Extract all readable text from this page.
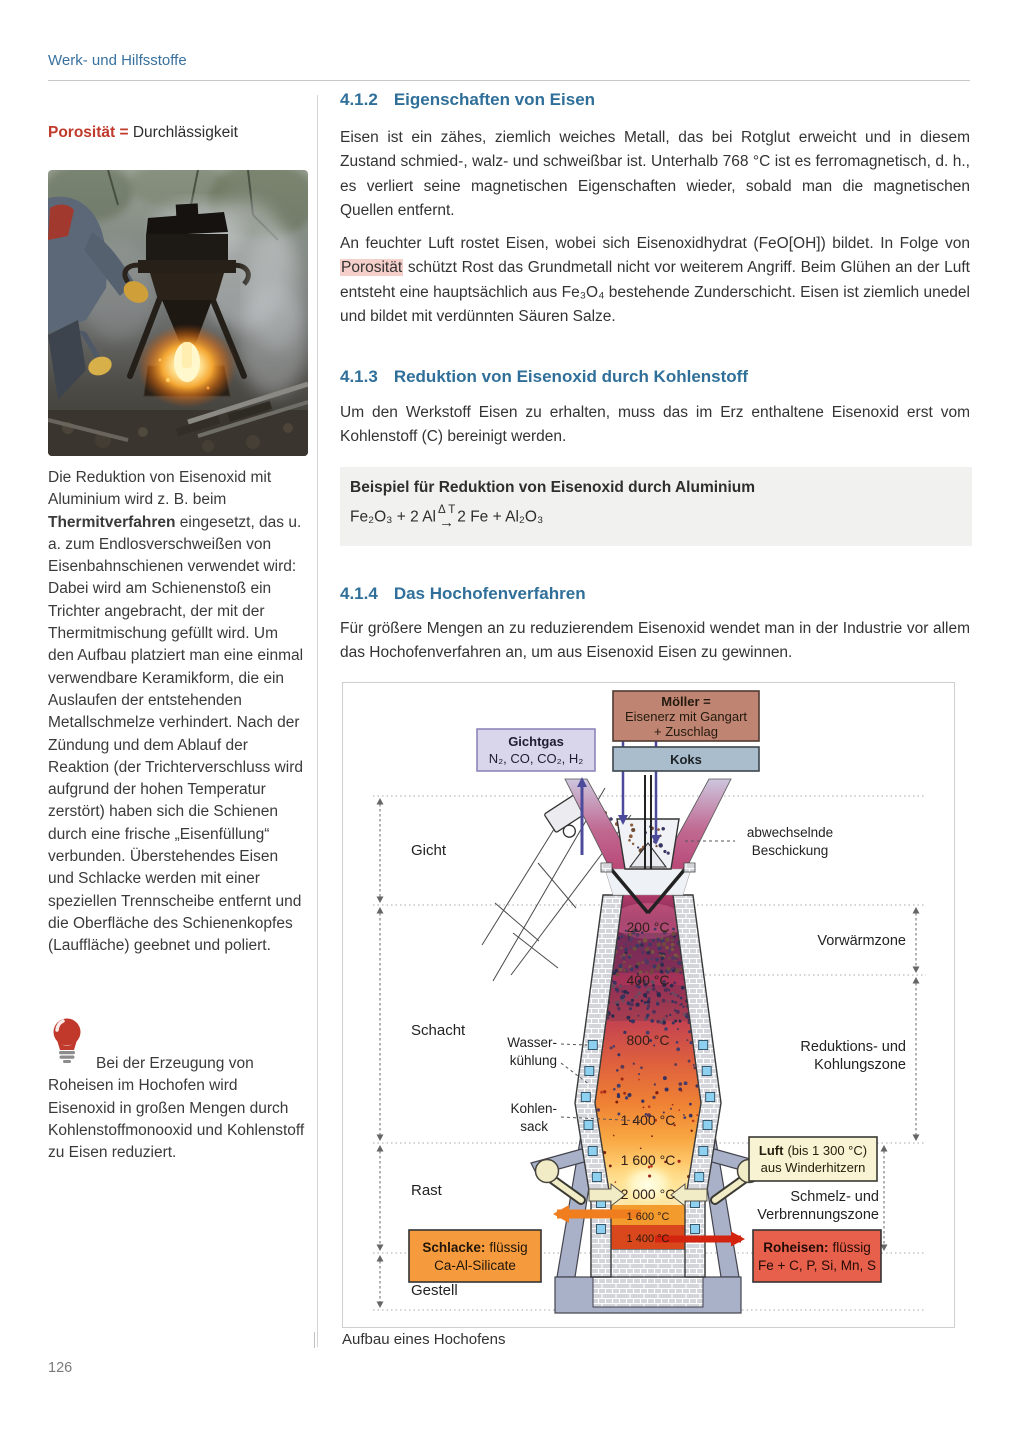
Werk- und Hilfsstoffe
Porosität = Durchlässigkeit
Die Reduktion von Eisenoxid mit Aluminium wird z. B. beim Thermitverfahren eingesetzt, das u. a. zum Endlosverschweißen von Eisenbahnschienen verwendet wird: Dabei wird am Schienenstoß ein Trichter angebracht, der mit der Thermitmischung gefüllt wird. Um den Aufbau platziert man eine einmal verwendbare Keramikform, die ein Auslaufen der entstehenden Metallschmelze verhindert. Nach der Zündung und dem Ablauf der Reaktion (der Trichterverschluss wird aufgrund der hohen Temperatur zerstört) haben sich die Schienen durch eine frische „Eisenfüllung“ verbunden. Überstehendes Eisen und Schlacke werden mit einer speziellen Trennscheibe entfernt und die Oberfläche des Schienenkopfes (Lauffläche) geebnet und poliert.

Bei der Erzeugung von Roheisen im Hochofen wird Eisenoxid in großen Mengen durch Kohlenstoffmonooxid und Kohlenstoff zu Eisen reduziert.

4.1.2 Eigenschaften von Eisen

Eisen ist ein zähes, ziemlich weiches Metall, das bei Rotglut erweicht und in diesem Zustand schmied-, walz- und schweißbar ist. Unterhalb 768 °C ist es ferromagnetisch, d. h., es verliert seine magnetischen Eigenschaften wieder, sobald man die magnetischen Quellen entfernt.

An feuchter Luft rostet Eisen, wobei sich Eisenoxidhydrat (FeO[OH]) bildet. In Folge von Porosität schützt Rost das Grundmetall nicht vor weiterem Angriff. Beim Glühen an der Luft entsteht eine hauptsächlich aus Fe₃O₄ bestehende Zunderschicht. Eisen ist ziemlich unedel und bildet mit verdünnten Säuren Salze.

4.1.3 Reduktion von Eisenoxid durch Kohlenstoff

Um den Werkstoff Eisen zu erhalten, muss das im Erz enthaltene Eisenoxid erst vom Kohlenstoff (C) bereinigt werden.

Beispiel für Reduktion von Eisenoxid durch Aluminium
Fe₂O₃ + 2 Al Δ T
→ 2 Fe + Al₂O₃
4.1.4 Das Hochofenverfahren

Für größere Mengen an zu reduzierendem Eisenoxid wendet man in der Industrie vor allem das Hochofenverfahren an, um aus Eisenoxid Eisen zu gewinnen.

Möller =
Eisenerz mit Gangart
+ Zuschlag
Koks
Gichtgas
N₂, CO, CO₂, H₂
Luft (bis 1 300 °C)
aus Winderhitzern
Schlacke: flüssig
Ca-Al-Silicate
Roheisen: flüssig
Fe + C, P, Si, Mn, S
abwechselnde
Beschickung
Gicht
Schacht
Rast
Gestell
Vorwärmzone
Reduktions- und
Kohlungszone
Schmelz- und
Verbrennungszone
Wasser-
kühlung
Kohlen-
sack
200 °C
400 °C
800 °C
1 400 °C
1 600 °C
2 000 °C
1 600 °C
1 400 °C
Aufbau eines Hochofens
126
